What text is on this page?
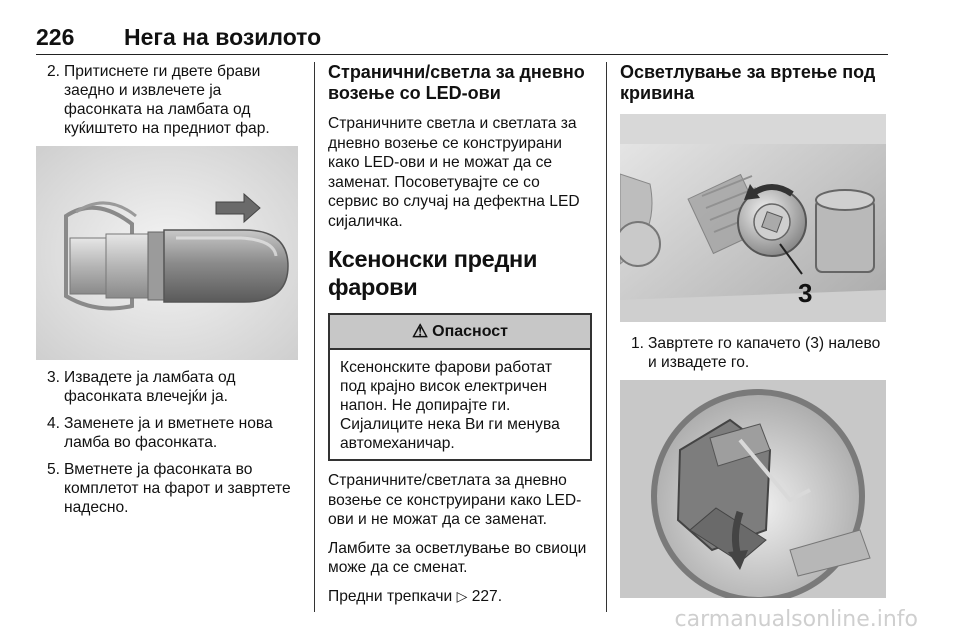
226	Нега на возилото
2. Притиснете ги двете брави заедно и извлечете ја фасонката на ламбата од куќиштето на предниот фар.
3. Извадете ја ламбата од фасонката влечејќи ја.
4. Заменете ја и вметнете нова ламба во фасонката.
5. Вметнете ја фасонката во комплетот на фарот и завртете надесно.
Странични/светла за дневно возење со LED-ови

Страничните светла и светлата за дневно возење се конструирани како LED-ови и не можат да се заменат. Посоветувајте се со сервис во случај на дефектна LED сијаличка.

Ксенонски предни фарови
⚠ Опасност
Ксенонските фарови работат под крајно висок електричен напон. Не допирајте ги. Сијалиците нека Ви ги менува автомеханичар.

Страничните/светлата за дневно возење се конструирани како LED-ови и не можат да се заменат.

Ламбите за осветлување во свиоци може да се сменат.

Предни трепкачи ▷ 227.

Осветлување за вртење под кривина
3
1. Завртете го капачето (3) налево и извадете го.
carmanualsonline.info
